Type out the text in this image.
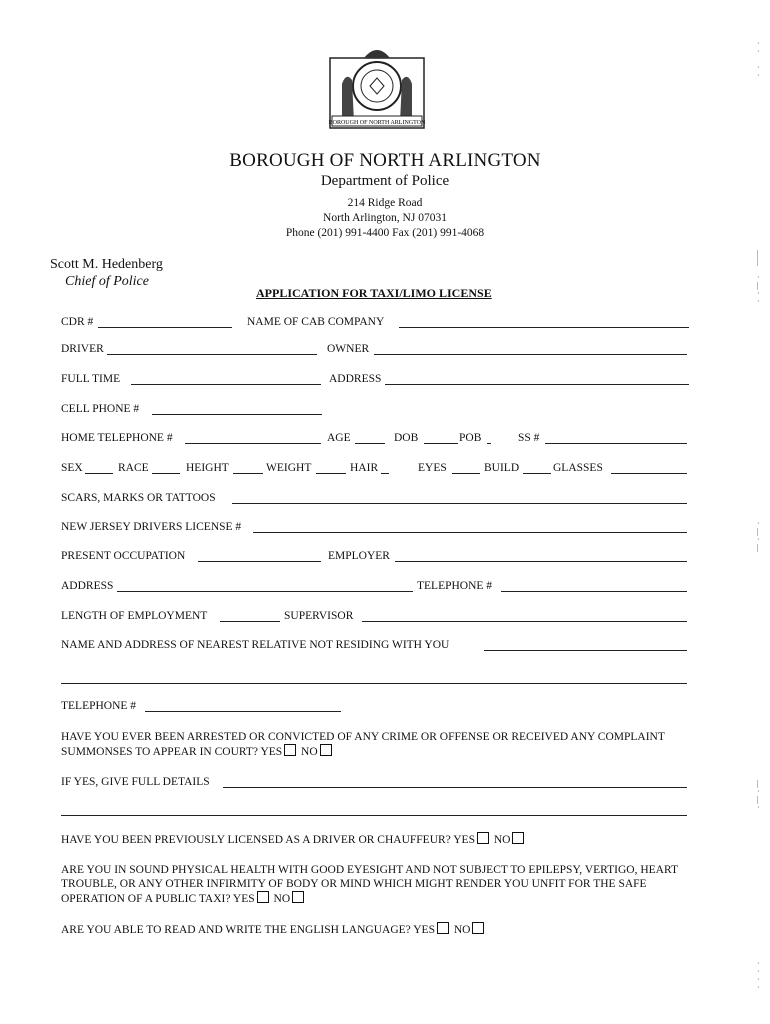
BOROUGH OF NORTH ARLINGTON
BOROUGH OF NORTH ARLINGTON
Department of Police
214 Ridge Road
North Arlington, NJ 07031
Phone (201) 991-4400 Fax (201) 991-4068
Scott M. Hedenberg
Chief of Police
APPLICATION FOR TAXI/LIMO LICENSE
CDR #	NAME OF CAB COMPANY
DRIVER	OWNER
FULL TIME	ADDRESS
CELL PHONE #
HOME TELEPHONE #	AGE	DOB	POB	SS #
SEX	RACE	HEIGHT	WEIGHT	HAIR	EYES	BUILD	GLASSES
SCARS, MARKS OR TATTOOS
NEW JERSEY DRIVERS LICENSE #
PRESENT OCCUPATION	EMPLOYER
ADDRESS	TELEPHONE #
LENGTH OF EMPLOYMENT	SUPERVISOR
NAME AND ADDRESS OF NEAREST RELATIVE NOT RESIDING WITH YOU
TELEPHONE #
HAVE YOU EVER BEEN ARRESTED OR CONVICTED OF ANY CRIME OR OFFENSE OR RECEIVED ANY COMPLAINT SUMMONSES TO APPEAR IN COURT? YES NO
IF YES, GIVE FULL DETAILS
HAVE YOU BEEN PREVIOUSLY LICENSED AS A DRIVER OR CHAUFFEUR? YES NO
ARE YOU IN SOUND PHYSICAL HEALTH WITH GOOD EYESIGHT AND NOT SUBJECT TO EPILEPSY, VERTIGO, HEART TROUBLE, OR ANY OTHER INFIRMITY OF BODY OR MIND WHICH MIGHT RENDER YOU UNFIT FOR THE SAFE OPERATION OF A PUBLIC TAXI? YES NO
ARE YOU ABLE TO READ AND WRITE THE ENGLISH LANGUAGE? YES NO
·
·

·
·
|
|

·
|
·
·
·
|
·
|
|
·
|
·
·
·
·
·
